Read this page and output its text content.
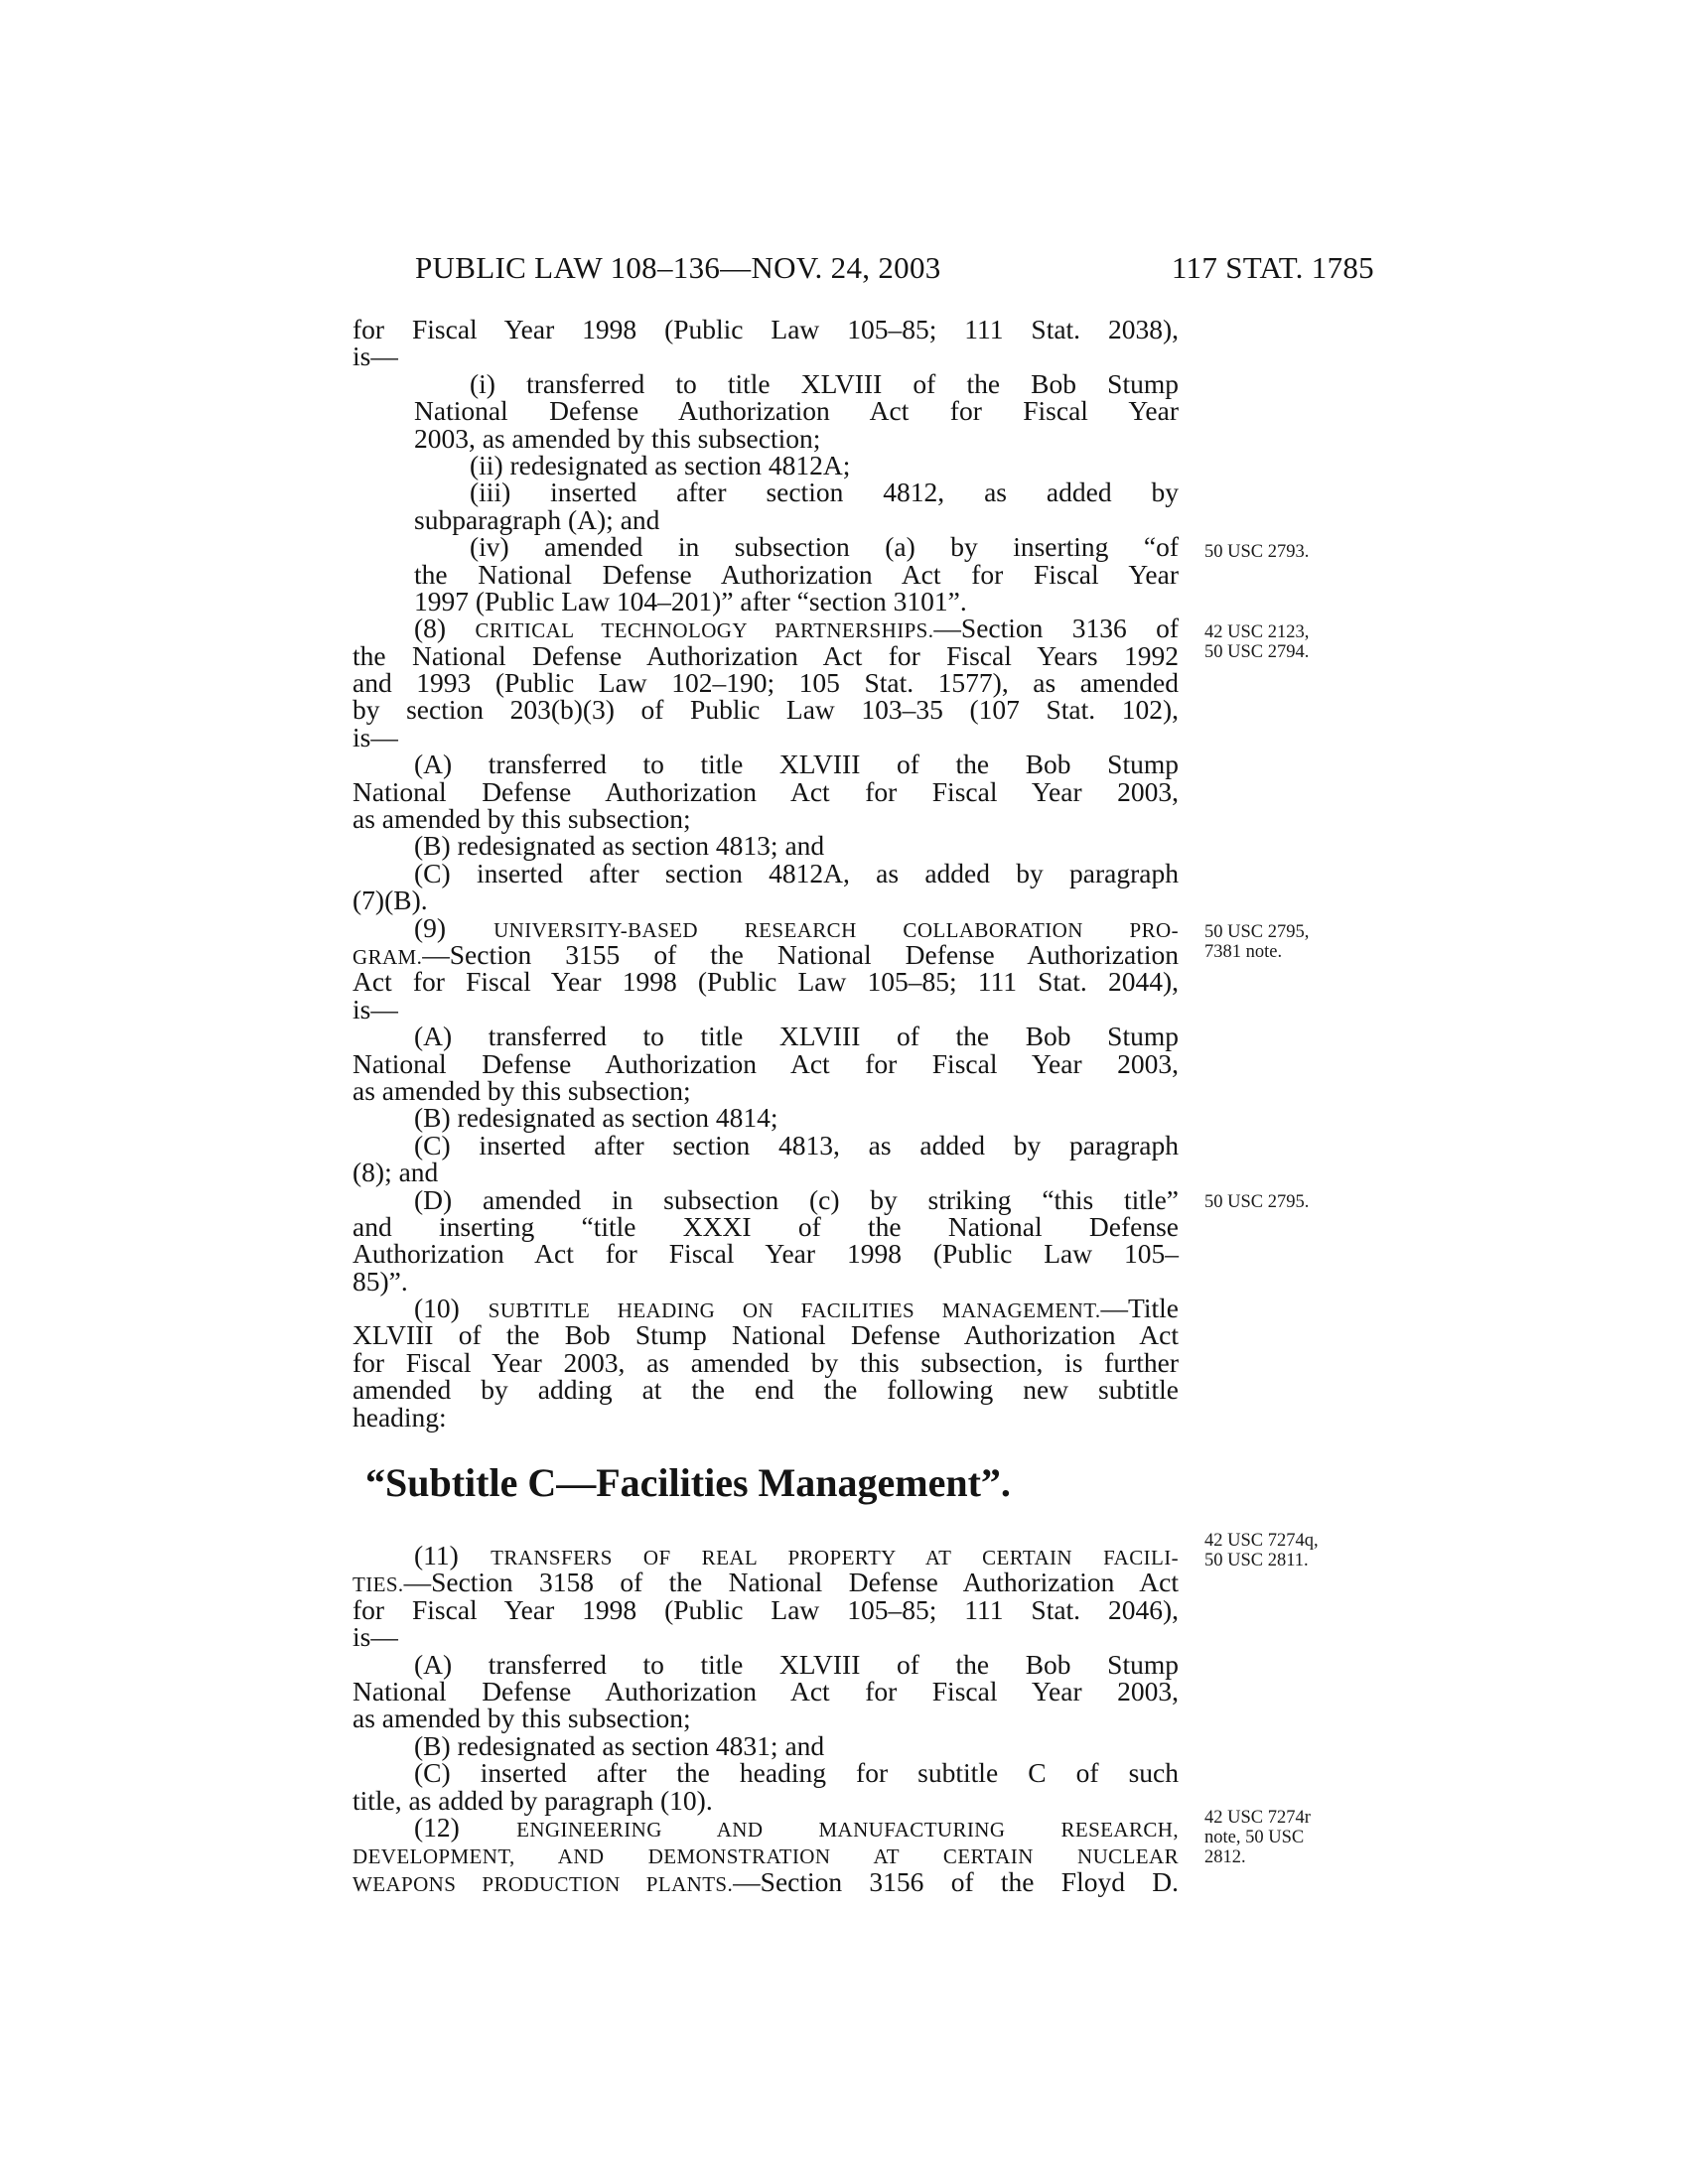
PUBLIC LAW 108–136—NOV. 24, 2003	117 STAT. 1785
for Fiscal Year 1998 (Public Law 105–85; 111 Stat. 2038),
is—
(i) transferred to title XLVIII of the Bob Stump
National Defense Authorization Act for Fiscal Year
2003, as amended by this subsection;
(ii) redesignated as section 4812A;
(iii) inserted after section 4812, as added by
subparagraph (A); and
(iv) amended in subsection (a) by inserting “of
the National Defense Authorization Act for Fiscal Year
1997 (Public Law 104–201)” after “section 3101”.
(8) CRITICAL TECHNOLOGY PARTNERSHIPS.—Section 3136 of
the National Defense Authorization Act for Fiscal Years 1992
and 1993 (Public Law 102–190; 105 Stat. 1577), as amended
by section 203(b)(3) of Public Law 103–35 (107 Stat. 102),
is—
(A) transferred to title XLVIII of the Bob Stump
National Defense Authorization Act for Fiscal Year 2003,
as amended by this subsection;
(B) redesignated as section 4813; and
(C) inserted after section 4812A, as added by paragraph
(7)(B).
(9) UNIVERSITY-BASED RESEARCH COLLABORATION PRO-
GRAM.—Section 3155 of the National Defense Authorization
Act for Fiscal Year 1998 (Public Law 105–85; 111 Stat. 2044),
is—
(A) transferred to title XLVIII of the Bob Stump
National Defense Authorization Act for Fiscal Year 2003,
as amended by this subsection;
(B) redesignated as section 4814;
(C) inserted after section 4813, as added by paragraph
(8); and
(D) amended in subsection (c) by striking “this title”
and inserting “title XXXI of the National Defense
Authorization Act for Fiscal Year 1998 (Public Law 105–
85)”.
(10) SUBTITLE HEADING ON FACILITIES MANAGEMENT.—Title
XLVIII of the Bob Stump National Defense Authorization Act
for Fiscal Year 2003, as amended by this subsection, is further
amended by adding at the end the following new subtitle
heading:
“Subtitle C—Facilities Management”.
(11) TRANSFERS OF REAL PROPERTY AT CERTAIN FACILI-
TIES.—Section 3158 of the National Defense Authorization Act
for Fiscal Year 1998 (Public Law 105–85; 111 Stat. 2046),
is—
(A) transferred to title XLVIII of the Bob Stump
National Defense Authorization Act for Fiscal Year 2003,
as amended by this subsection;
(B) redesignated as section 4831; and
(C) inserted after the heading for subtitle C of such
title, as added by paragraph (10).
(12)	ENGINEERING AND MANUFACTURING RESEARCH,
DEVELOPMENT, AND DEMONSTRATION AT CERTAIN NUCLEAR
WEAPONS PRODUCTION PLANTS.—Section 3156 of the Floyd D.
50 USC 2793.
42 USC 2123,
50 USC 2794.
50 USC 2795,
7381 note.
50 USC 2795.
42 USC 7274q,
50 USC 2811.
42 USC 7274r
note, 50 USC
2812.
